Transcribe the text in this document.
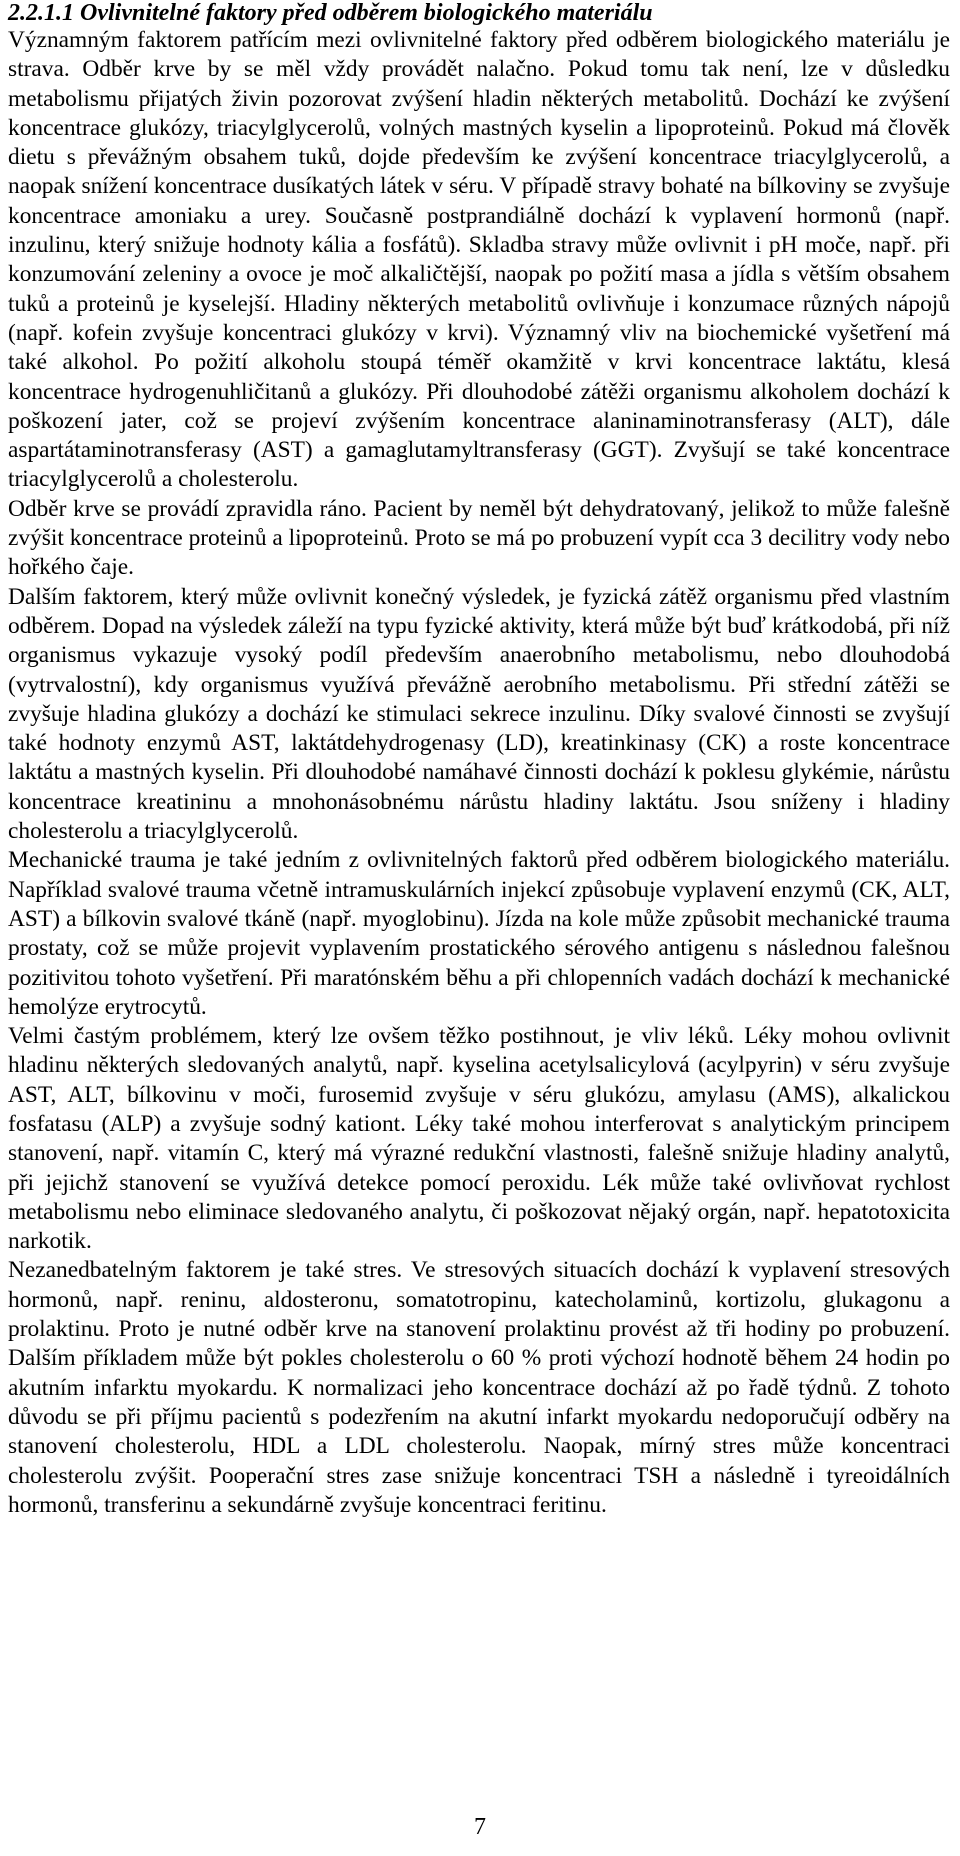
2.2.1.1 Ovlivnitelné faktory před odběrem biologického materiálu

Významným faktorem patřícím mezi ovlivnitelné faktory před odběrem biologického materiálu je strava. Odběr krve by se měl vždy provádět nalačno. Pokud tomu tak není, lze v důsledku metabolismu přijatých živin pozorovat zvýšení hladin některých metabolitů. Dochází ke zvýšení koncentrace glukózy, triacylglycerolů, volných mastných kyselin a lipoproteinů. Pokud má člověk dietu s převážným obsahem tuků, dojde především ke zvýšení koncentrace triacylglycerolů, a naopak snížení koncentrace dusíkatých látek v séru. V případě stravy bohaté na bílkoviny se zvyšuje koncentrace amoniaku a urey. Současně postprandiálně dochází k vyplavení hormonů (např. inzulinu, který snižuje hodnoty kália a fosfátů). Skladba stravy může ovlivnit i pH moče, např. při konzumování zeleniny a ovoce je moč alkaličtější, naopak po požití masa a jídla s větším obsahem tuků a proteinů je kyselejší. Hladiny některých metabolitů ovlivňuje i konzumace různých nápojů (např. kofein zvyšuje koncentraci glukózy v krvi). Významný vliv na biochemické vyšetření má také alkohol. Po požití alkoholu stoupá téměř okamžitě v krvi koncentrace laktátu, klesá koncentrace hydrogenuhličitanů a glukózy. Při dlouhodobé zátěži organismu alkoholem dochází k poškození jater, což se projeví zvýšením koncentrace alaninaminotransferasy (ALT), dále aspartátaminotransferasy (AST) a gamaglutamyltransferasy (GGT). Zvyšují se také koncentrace triacylglycerolů a cholesterolu.

Odběr krve se provádí zpravidla ráno. Pacient by neměl být dehydratovaný, jelikož to může falešně zvýšit koncentrace proteinů a lipoproteinů. Proto se má po probuzení vypít cca 3 decilitry vody nebo hořkého čaje.

Dalším faktorem, který může ovlivnit konečný výsledek, je fyzická zátěž organismu před vlastním odběrem. Dopad na výsledek záleží na typu fyzické aktivity, která může být buď krátkodobá, při níž organismus vykazuje vysoký podíl především anaerobního metabolismu, nebo dlouhodobá (vytrvalostní), kdy organismus využívá převážně aerobního metabolismu. Při střední zátěži se zvyšuje hladina glukózy a dochází ke stimulaci sekrece inzulinu. Díky svalové činnosti se zvyšují také hodnoty enzymů AST, laktátdehydrogenasy (LD), kreatinkinasy (CK) a roste koncentrace laktátu a mastných kyselin. Při dlouhodobé namáhavé činnosti dochází k poklesu glykémie, nárůstu koncentrace kreatininu a mnohonásobnému nárůstu hladiny laktátu. Jsou sníženy i hladiny cholesterolu a triacylglycerolů.

Mechanické trauma je také jedním z ovlivnitelných faktorů před odběrem biologického materiálu. Například svalové trauma včetně intramuskulárních injekcí způsobuje vyplavení enzymů (CK, ALT, AST) a bílkovin svalové tkáně (např. myoglobinu). Jízda na kole může způsobit mechanické trauma prostaty, což se může projevit vyplavením prostatického sérového antigenu s následnou falešnou pozitivitou tohoto vyšetření. Při maratónském běhu a při chlopenních vadách dochází k mechanické hemolýze erytrocytů.

Velmi častým problémem, který lze ovšem těžko postihnout, je vliv léků. Léky mohou ovlivnit hladinu některých sledovaných analytů, např. kyselina acetylsalicylová (acylpyrin) v séru zvyšuje AST, ALT, bílkovinu v moči, furosemid zvyšuje v séru glukózu, amylasu (AMS), alkalickou fosfatasu (ALP) a zvyšuje sodný kationt. Léky také mohou interferovat s analytickým principem stanovení, např. vitamín C, který má výrazné redukční vlastnosti, falešně snižuje hladiny analytů, při jejichž stanovení se využívá detekce pomocí peroxidu. Lék může také ovlivňovat rychlost metabolismu nebo eliminace sledovaného analytu, či poškozovat nějaký orgán, např. hepatotoxicita narkotik.

Nezanedbatelným faktorem je také stres. Ve stresových situacích dochází k vyplavení stresových hormonů, např. reninu, aldosteronu, somatotropinu, katecholaminů, kortizolu, glukagonu a prolaktinu. Proto je nutné odběr krve na stanovení prolaktinu provést až tři hodiny po probuzení. Dalším příkladem může být pokles cholesterolu o 60 % proti výchozí hodnotě během 24 hodin po akutním infarktu myokardu. K normalizaci jeho koncentrace dochází až po řadě týdnů. Z tohoto důvodu se při příjmu pacientů s podezřením na akutní infarkt myokardu nedoporučují odběry na stanovení cholesterolu, HDL a LDL cholesterolu. Naopak, mírný stres může koncentraci cholesterolu zvýšit. Pooperační stres zase snižuje koncentraci TSH a následně i tyreoidálních hormonů, transferinu a sekundárně zvyšuje koncentraci feritinu.

7
